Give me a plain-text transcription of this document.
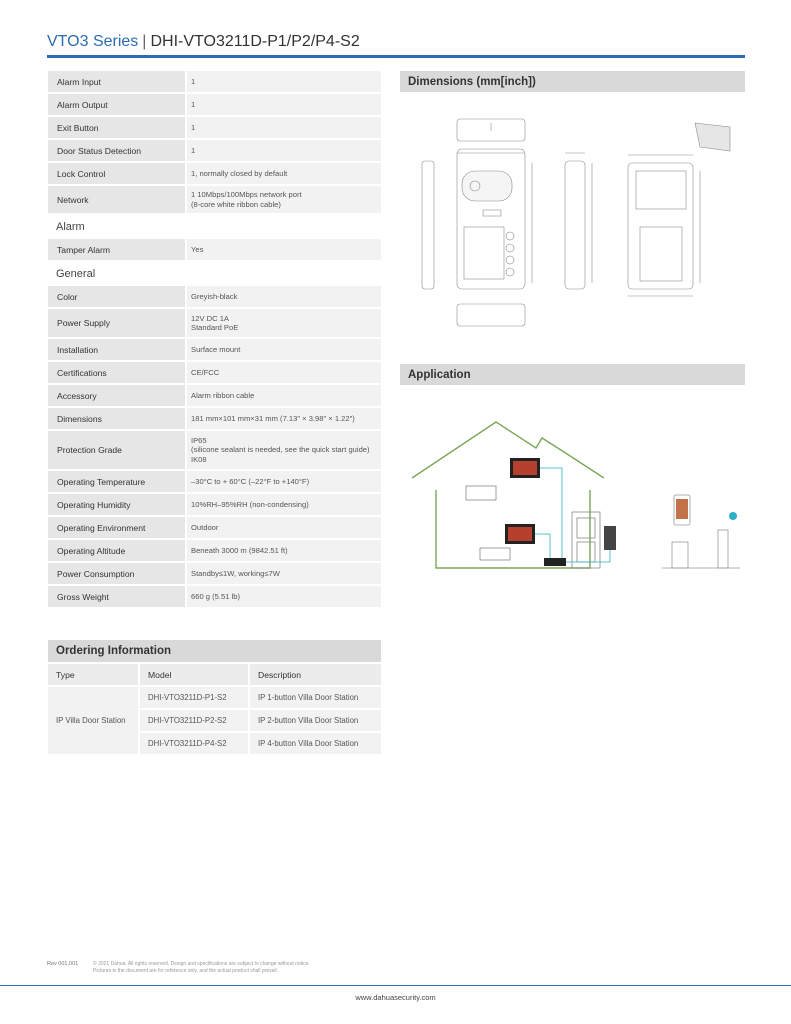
VTO3 Series | DHI-VTO3211D-P1/P2/P4-S2
Alarm Input	1
Alarm Output	1
Exit Button	1
Door Status Detection	1
Lock Control	1, normally closed by default
Network	1 10Mbps/100Mbps network port
(8-core white ribbon cable)
Alarm
Tamper Alarm	Yes
General
Color	Greyish-black
Power Supply	12V DC 1A
Standard PoE
Installation	Surface mount
Certifications	CE/FCC
Accessory	Alarm ribbon cable
Dimensions	181 mm×101 mm×31 mm (7.13" × 3.98" × 1.22")
Protection Grade
IP65
(silicone sealant is needed, see the quick start guide)
IK08
Operating Temperature	–30°C to + 60°C (–22°F to +140°F)
Operating Humidity	10%RH–95%RH (non-condensing)
Operating Environment	Outdoor
Operating Altitude	Beneath 3000 m (9842.51 ft)
Power Consumption	Standby≤1W, working≤7W
Gross Weight	660 g (5.51 lb)
Dimensions (mm[inch])
Application
Ordering Information
Type	Model	Description
IP Villa Door Station
DHI-VTO3211D-P1-S2	IP 1-button Villa Door Station
DHI-VTO3211D-P2-S2	IP 2-button Villa Door Station
DHI-VTO3211D-P4-S2	IP 4-button Villa Door Station
Rev 001.001	© 2021 Dahua. All rights reserved. Design and specifications are subject to change without notice.
Pictures in the document are for reference only, and the actual product shall prevail.
www.dahuasecurity.com
